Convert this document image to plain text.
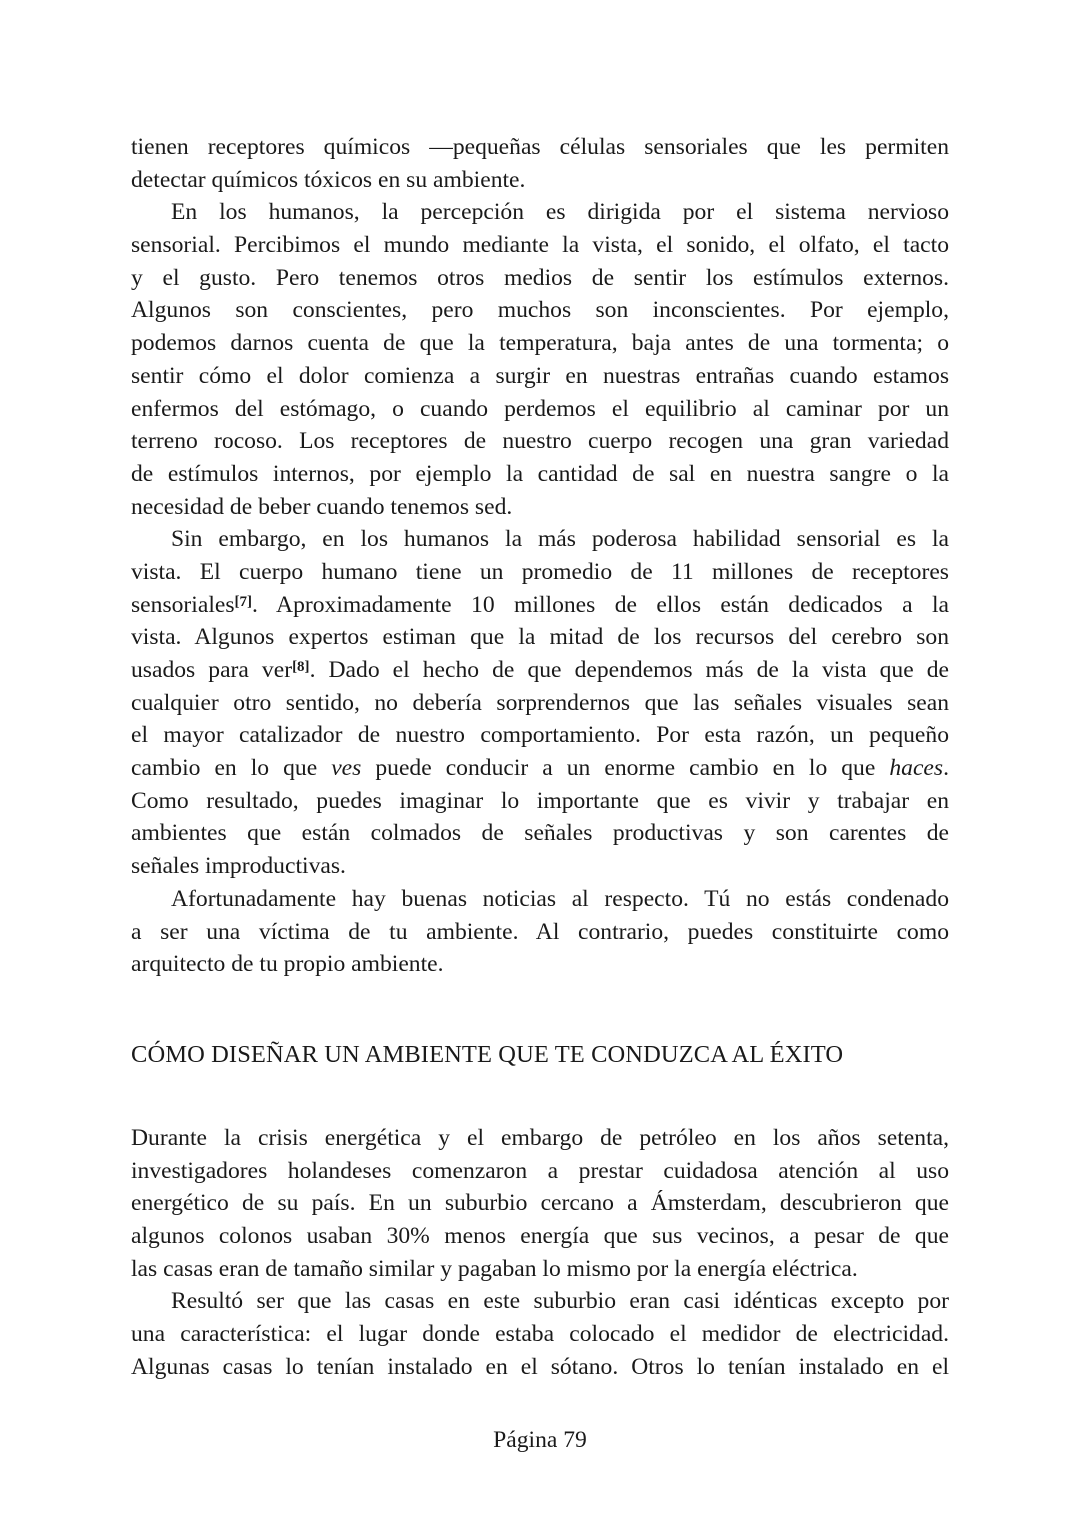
tienen receptores químicos —pequeñas células sensoriales que les permiten
detectar químicos tóxicos en su ambiente.
En los humanos, la percepción es dirigida por el sistema nervioso
sensorial. Percibimos el mundo mediante la vista, el sonido, el olfato, el tacto
y el gusto. Pero tenemos otros medios de sentir los estímulos externos.
Algunos son conscientes, pero muchos son inconscientes. Por ejemplo,
podemos darnos cuenta de que la temperatura, baja antes de una tormenta; o
sentir cómo el dolor comienza a surgir en nuestras entrañas cuando estamos
enfermos del estómago, o cuando perdemos el equilibrio al caminar por un
terreno rocoso. Los receptores de nuestro cuerpo recogen una gran variedad
de estímulos internos, por ejemplo la cantidad de sal en nuestra sangre o la
necesidad de beber cuando tenemos sed.
Sin embargo, en los humanos la más poderosa habilidad sensorial es la
vista. El cuerpo humano tiene un promedio de 11 millones de receptores
sensoriales[7]. Aproximadamente 10 millones de ellos están dedicados a la
vista. Algunos expertos estiman que la mitad de los recursos del cerebro son
usados para ver[8]. Dado el hecho de que dependemos más de la vista que de
cualquier otro sentido, no debería sorprendernos que las señales visuales sean
el mayor catalizador de nuestro comportamiento. Por esta razón, un pequeño
cambio en lo que ves puede conducir a un enorme cambio en lo que haces.
Como resultado, puedes imaginar lo importante que es vivir y trabajar en
ambientes que están colmados de señales productivas y son carentes de
señales improductivas.
Afortunadamente hay buenas noticias al respecto. Tú no estás condenado
a ser una víctima de tu ambiente. Al contrario, puedes constituirte como
arquitecto de tu propio ambiente.
CÓMO DISEÑAR UN AMBIENTE QUE TE CONDUZCA AL ÉXITO
Durante la crisis energética y el embargo de petróleo en los años setenta,
investigadores holandeses comenzaron a prestar cuidadosa atención al uso
energético de su país. En un suburbio cercano a Ámsterdam, descubrieron que
algunos colonos usaban 30% menos energía que sus vecinos, a pesar de que
las casas eran de tamaño similar y pagaban lo mismo por la energía eléctrica.
Resultó ser que las casas en este suburbio eran casi idénticas excepto por
una característica: el lugar donde estaba colocado el medidor de electricidad.
Algunas casas lo tenían instalado en el sótano. Otros lo tenían instalado en el
Página 79
